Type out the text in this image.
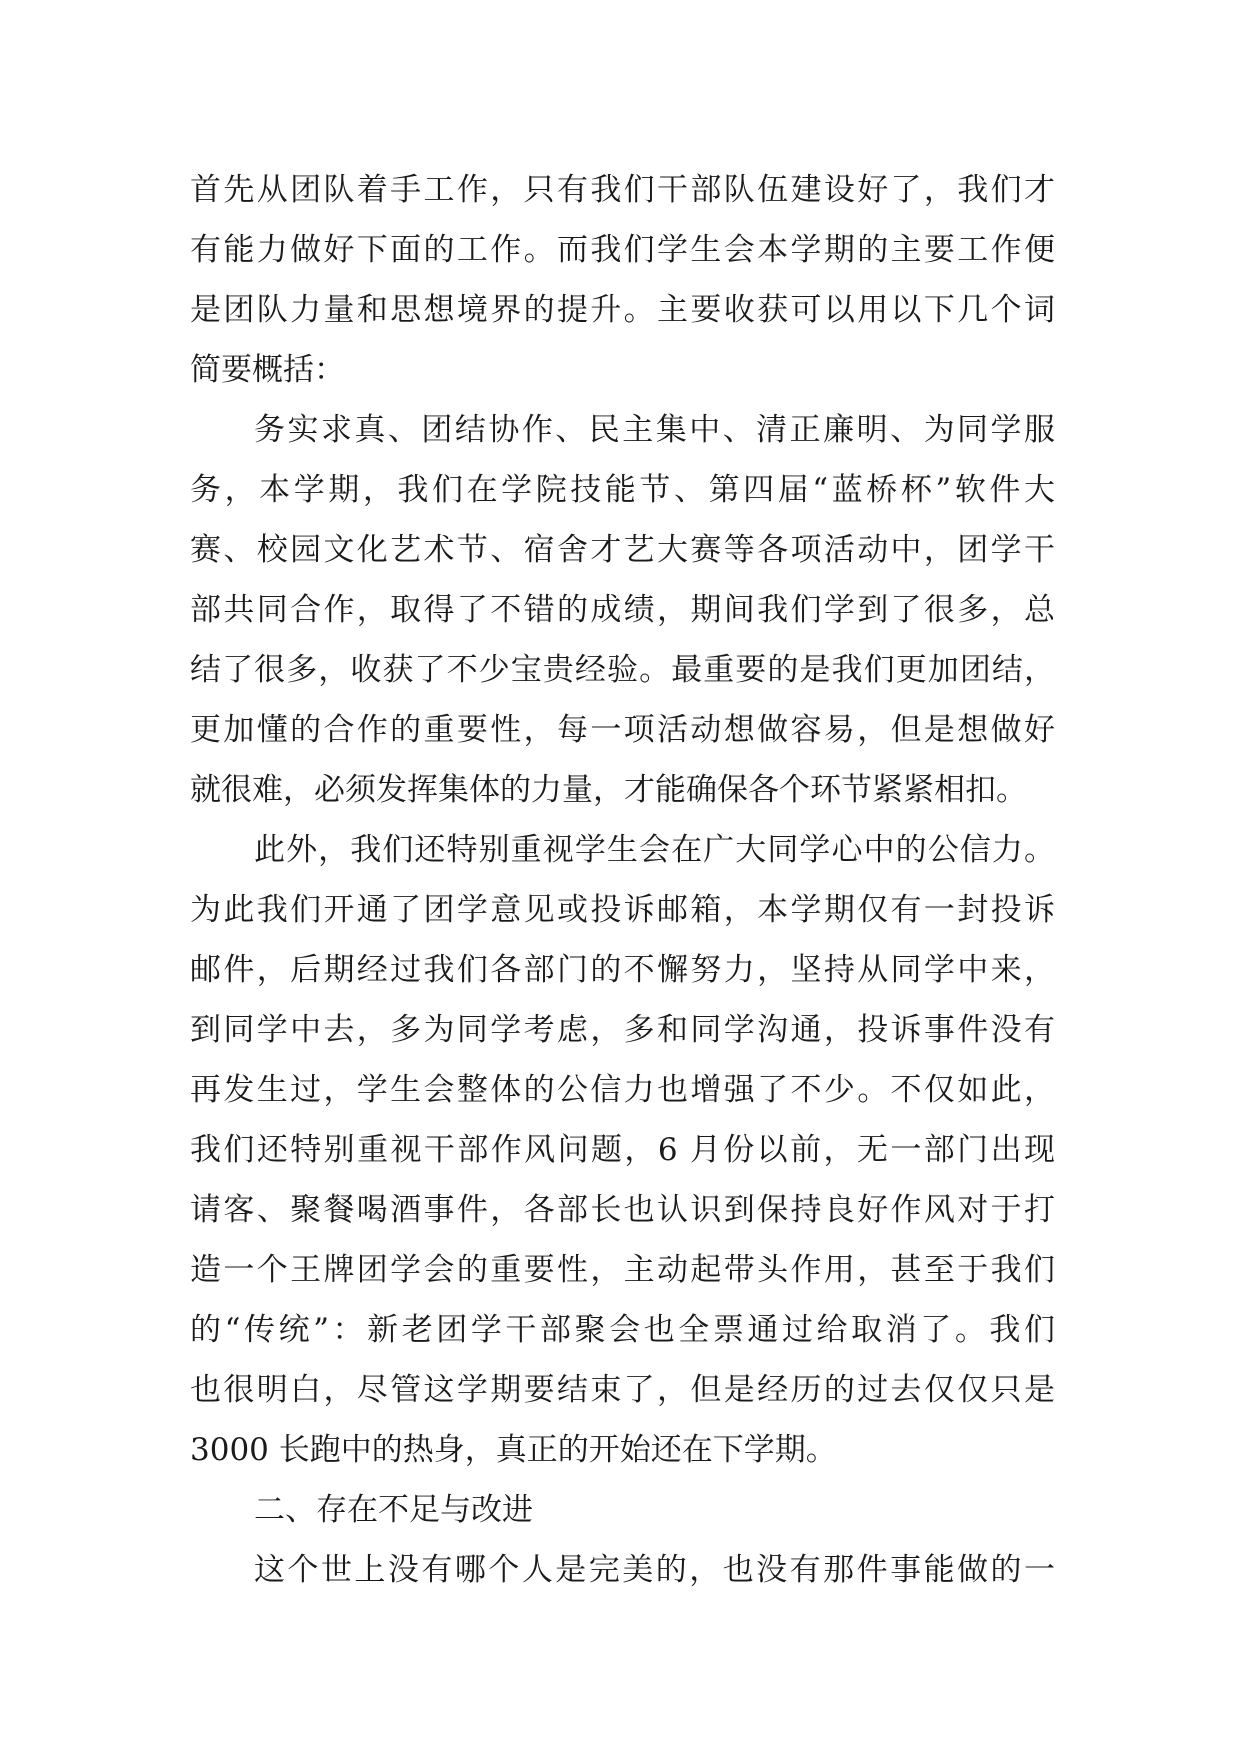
首先从团队着手工作，只有我们干部队伍建设好了，我们才
有能力做好下面的工作。而我们学生会本学期的主要工作便
是团队力量和思想境界的提升。主要收获可以用以下几个词
简要概括：
务实求真、团结协作、民主集中、清正廉明、为同学服
务，本学期，我们在学院技能节、第四届“蓝桥杯”软件大
赛、校园文化艺术节、宿舍才艺大赛等各项活动中，团学干
部共同合作，取得了不错的成绩，期间我们学到了很多，总
结了很多，收获了不少宝贵经验。最重要的是我们更加团结，
更加懂的合作的重要性，每一项活动想做容易，但是想做好
就很难，必须发挥集体的力量，才能确保各个环节紧紧相扣。
此外，我们还特别重视学生会在广大同学心中的公信力。
为此我们开通了团学意见或投诉邮箱，本学期仅有一封投诉
邮件，后期经过我们各部门的不懈努力，坚持从同学中来，
到同学中去，多为同学考虑，多和同学沟通，投诉事件没有
再发生过，学生会整体的公信力也增强了不少。不仅如此，
我们还特别重视干部作风问题，6 月份以前，无一部门出现
请客、聚餐喝酒事件，各部长也认识到保持良好作风对于打
造一个王牌团学会的重要性，主动起带头作用，甚至于我们
的“传统”：新老团学干部聚会也全票通过给取消了。我们
也很明白，尽管这学期要结束了，但是经历的过去仅仅只是
3000 长跑中的热身，真正的开始还在下学期。
二、存在不足与改进
这个世上没有哪个人是完美的，也没有那件事能做的一
